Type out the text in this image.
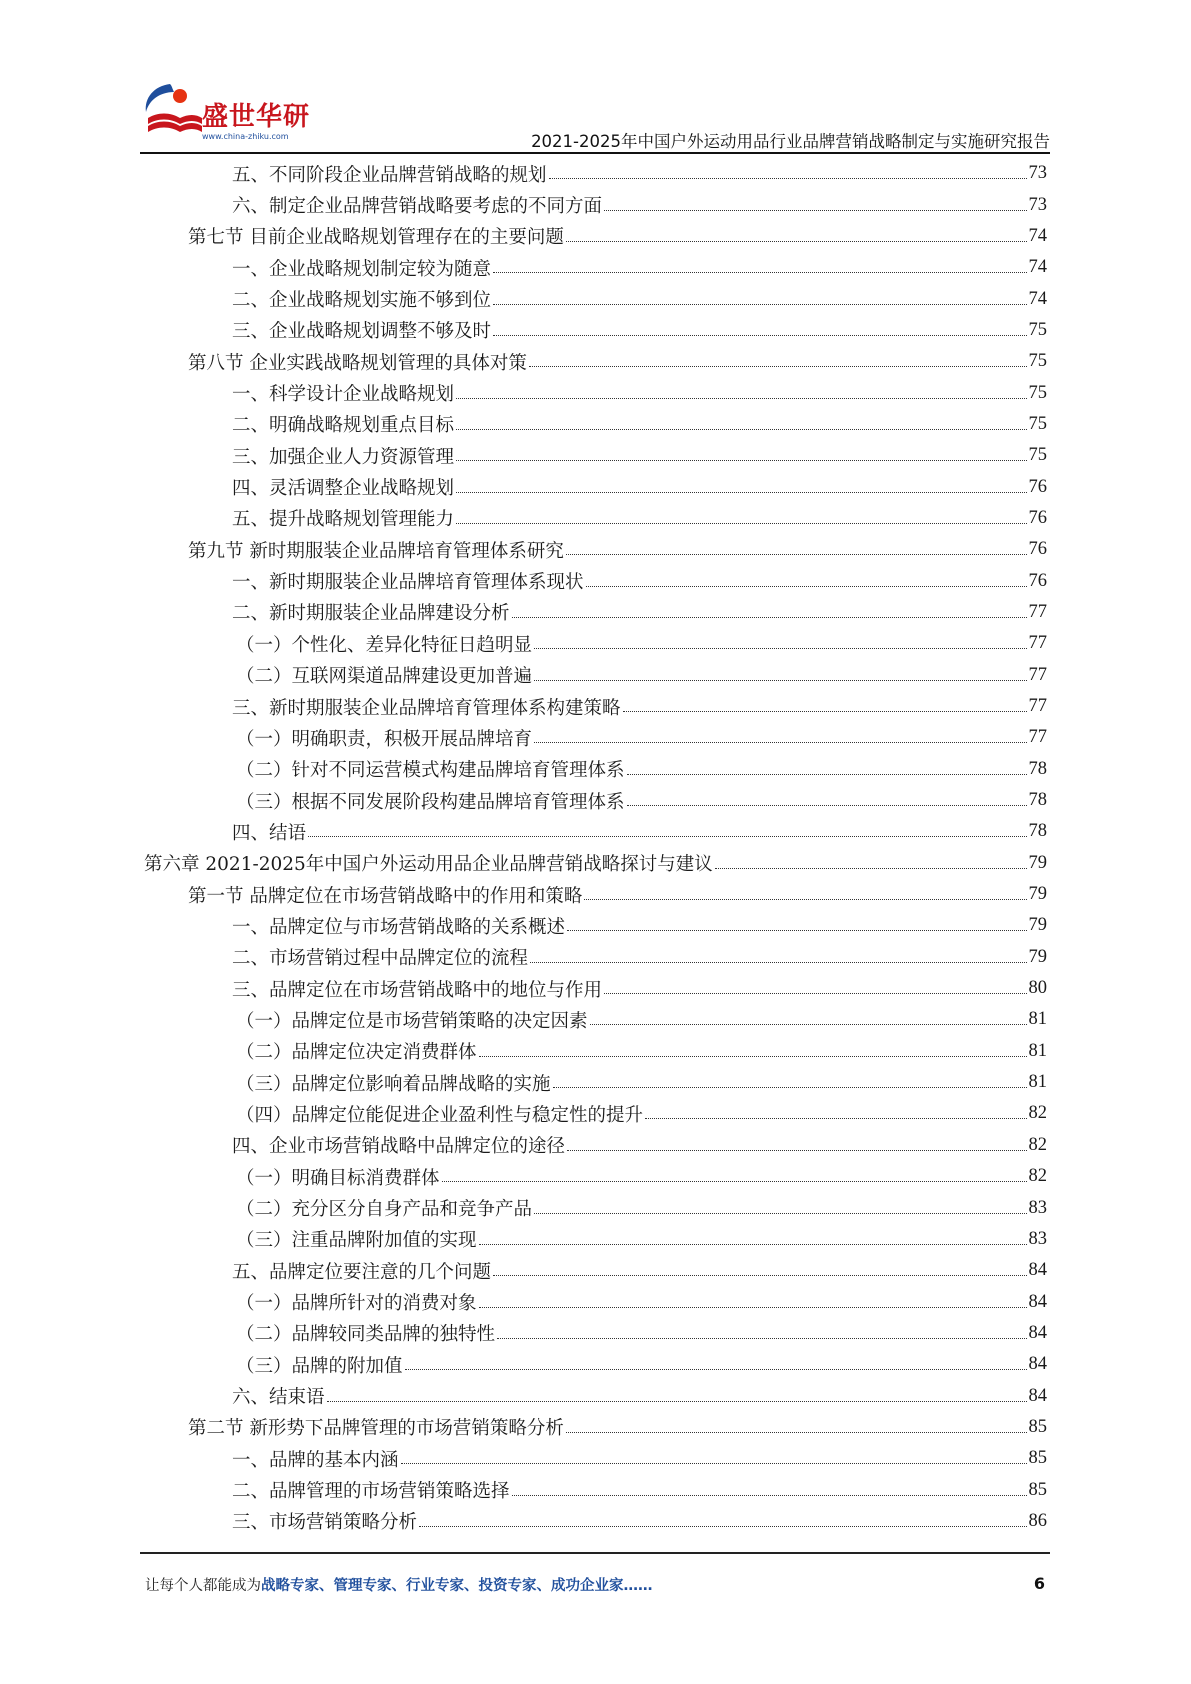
盛世华研
www.china-zhiku.com	2021-2025年中国户外运动用品行业品牌营销战略制定与实施研究报告
五、不同阶段企业品牌营销战略的规划	73
六、制定企业品牌营销战略要考虑的不同方面	73
第七节 目前企业战略规划管理存在的主要问题	74
一、企业战略规划制定较为随意	74
二、企业战略规划实施不够到位	74
三、企业战略规划调整不够及时	75
第八节 企业实践战略规划管理的具体对策	75
一、科学设计企业战略规划	75
二、明确战略规划重点目标	75
三、加强企业人力资源管理	75
四、灵活调整企业战略规划	76
五、提升战略规划管理能力	76
第九节 新时期服装企业品牌培育管理体系研究	76
一、新时期服装企业品牌培育管理体系现状	76
二、新时期服装企业品牌建设分析	77
（一）个性化、差异化特征日趋明显	77
（二）互联网渠道品牌建设更加普遍	77
三、新时期服装企业品牌培育管理体系构建策略	77
（一）明确职责，积极开展品牌培育	77
（二）针对不同运营模式构建品牌培育管理体系	78
（三）根据不同发展阶段构建品牌培育管理体系	78
四、结语	78
第六章 2021-2025年中国户外运动用品企业品牌营销战略探讨与建议	79
第一节 品牌定位在市场营销战略中的作用和策略	79
一、品牌定位与市场营销战略的关系概述	79
二、市场营销过程中品牌定位的流程	79
三、品牌定位在市场营销战略中的地位与作用	80
（一）品牌定位是市场营销策略的决定因素	81
（二）品牌定位决定消费群体	81
（三）品牌定位影响着品牌战略的实施	81
（四）品牌定位能促进企业盈利性与稳定性的提升	82
四、企业市场营销战略中品牌定位的途径	82
（一）明确目标消费群体	82
（二）充分区分自身产品和竞争产品	83
（三）注重品牌附加值的实现	83
五、品牌定位要注意的几个问题	84
（一）品牌所针对的消费对象	84
（二）品牌较同类品牌的独特性	84
（三）品牌的附加值	84
六、结束语	84
第二节 新形势下品牌管理的市场营销策略分析	85
一、品牌的基本内涵	85
二、品牌管理的市场营销策略选择	85
三、市场营销策略分析	86
让每个人都能成为战略专家、管理专家、行业专家、投资专家、成功企业家……	6
